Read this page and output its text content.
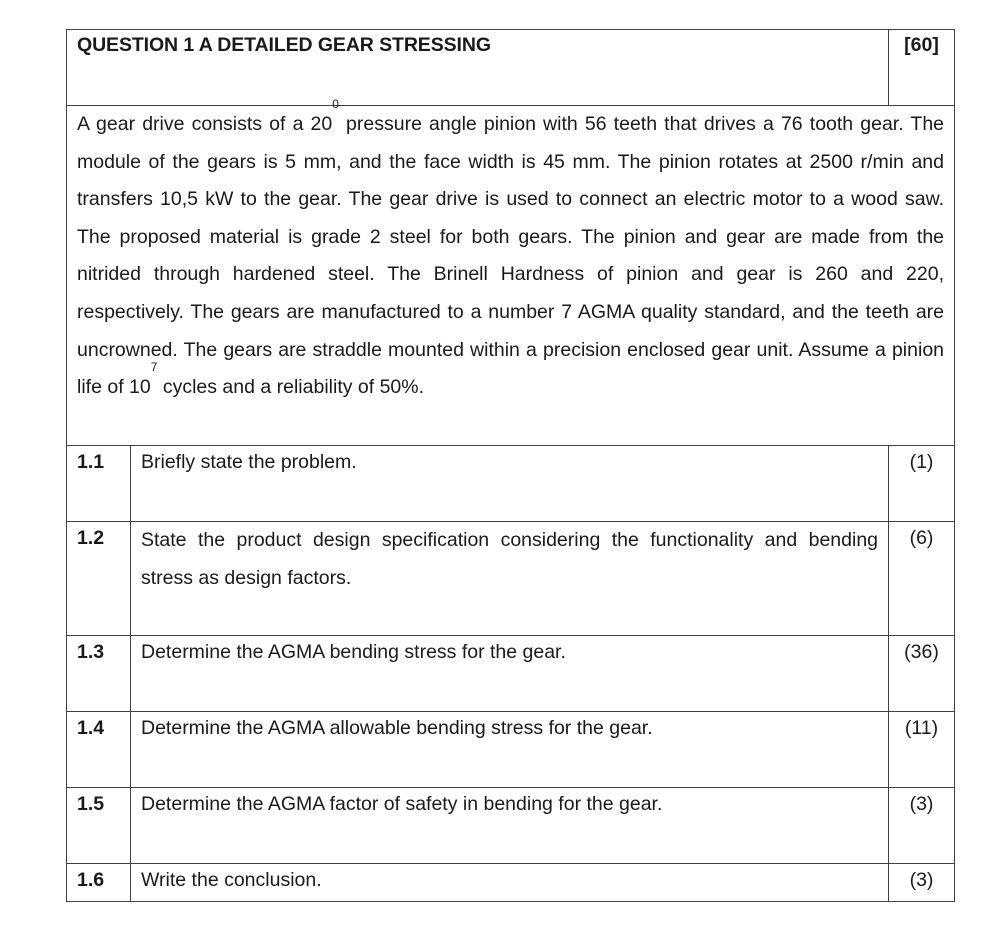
QUESTION 1 A DETAILED GEAR STRESSING		[60]
A gear drive consists of a $20^0$ pressure angle pinion with 56 teeth that drives a 76 tooth gear. The module of the gears is 5 mm, and the face width is 45 mm. The pinion rotates at 2500 r/min and transfers 10,5 kW to the gear. The gear drive is used to connect an electric motor to a wood saw. The proposed material is grade 2 steel for both gears. The pinion and gear are made from the nitrided through hardened steel. The Brinell Hardness of pinion and gear is 260 and 220, respectively. The gears are manufactured to a number 7 AGMA quality standard, and the teeth are uncrowned. The gears are straddle mounted within a precision enclosed gear unit. Assume a pinion life of $10^7$ cycles and a reliability of 50%.		
1.1	Briefly state the problem.	(1)
1.2	State the product design specification considering the functionality and bending stress as design factors.	(6)
1.3	Determine the AGMA bending stress for the gear.	(36)
1.4	Determine the AGMA allowable bending stress for the gear.	(11)
1.5	Determine the AGMA factor of safety in bending for the gear.	(3)
1.6	Write the conclusion.	(3)
